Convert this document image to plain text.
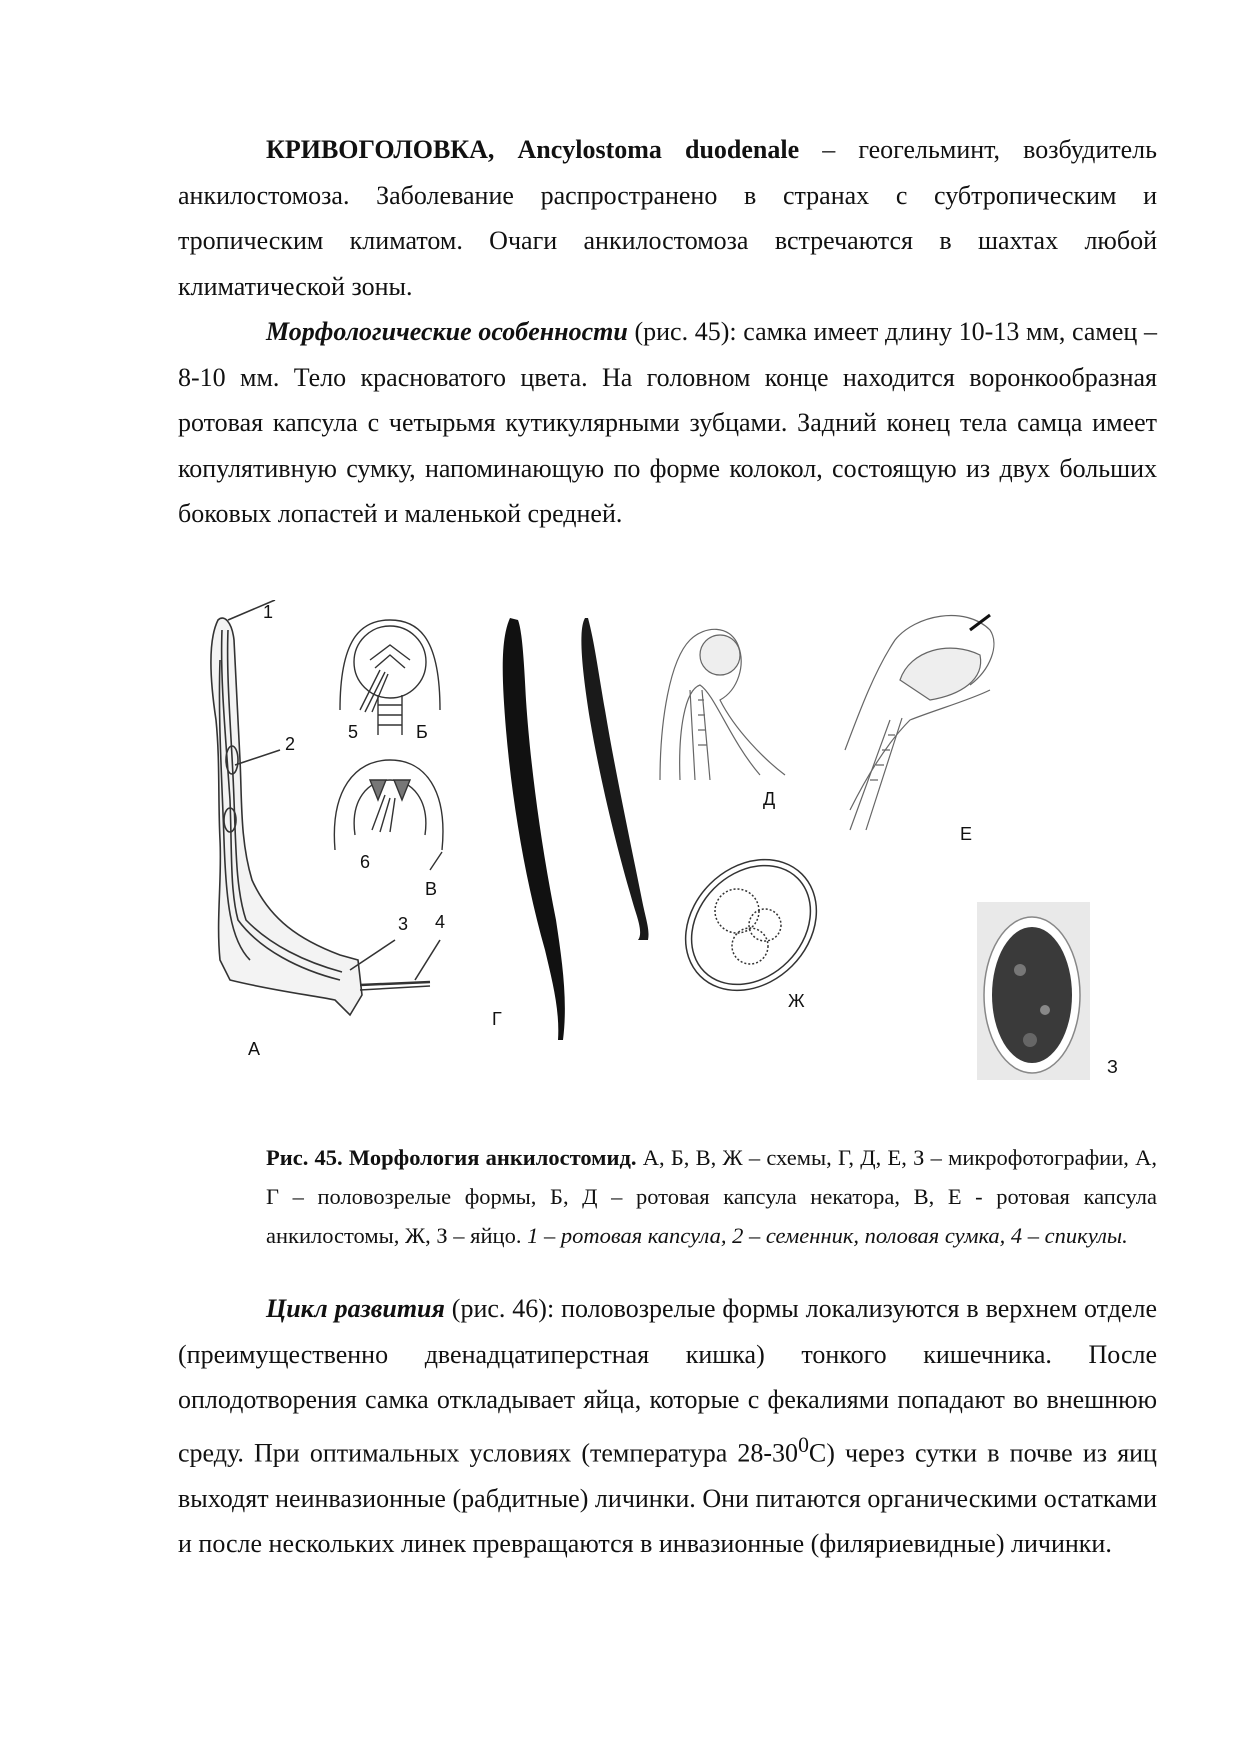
КРИВОГОЛОВКА, Ancylostoma duodenale – геогельминт, возбудитель анкилостомоза. Заболевание распространено в странах с субтропическим и тропическим климатом. Очаги анкилостомоза встречаются в шахтах любой климатической зоны.

Морфологические особенности (рис. 45): самка имеет длину 10-13 мм, самец – 8-10 мм. Тело красноватого цвета. На головном конце находится воронкообразная ротовая капсула с четырьмя кутикулярными зубцами. Задний конец тела самца имеет копулятивную сумку, напоминающую по форме колокол, состоящую из двух больших боковых лопастей и маленькой средней.

1
2
3 4
А
5	Б
6
В
Г
Д
Е
Ж
З

Рис. 45. Морфология анкилостомид. А, Б, В, Ж – схемы, Г, Д, Е, З – микрофотографии, А, Г – половозрелые формы, Б, Д – ротовая капсула некатора, В, Е - ротовая капсула анкилостомы, Ж, З – яйцо. 1 – ротовая капсула, 2 – семенник, половая сумка, 4 – спикулы.

Цикл развития (рис. 46): половозрелые формы локализуются в верхнем отделе (преимущественно двенадцатиперстная кишка) тонкого кишечника. После оплодотворения самка откладывает яйца, которые с фекалиями попадают во внешнюю среду. При оптимальных условиях (температура $28-30^0С$) через сутки в почве из яиц выходят неинвазионные (рабдитные) личинки. Они питаются органическими остатками и после нескольких линек превращаются в инвазионные (филяриевидные) личинки.
